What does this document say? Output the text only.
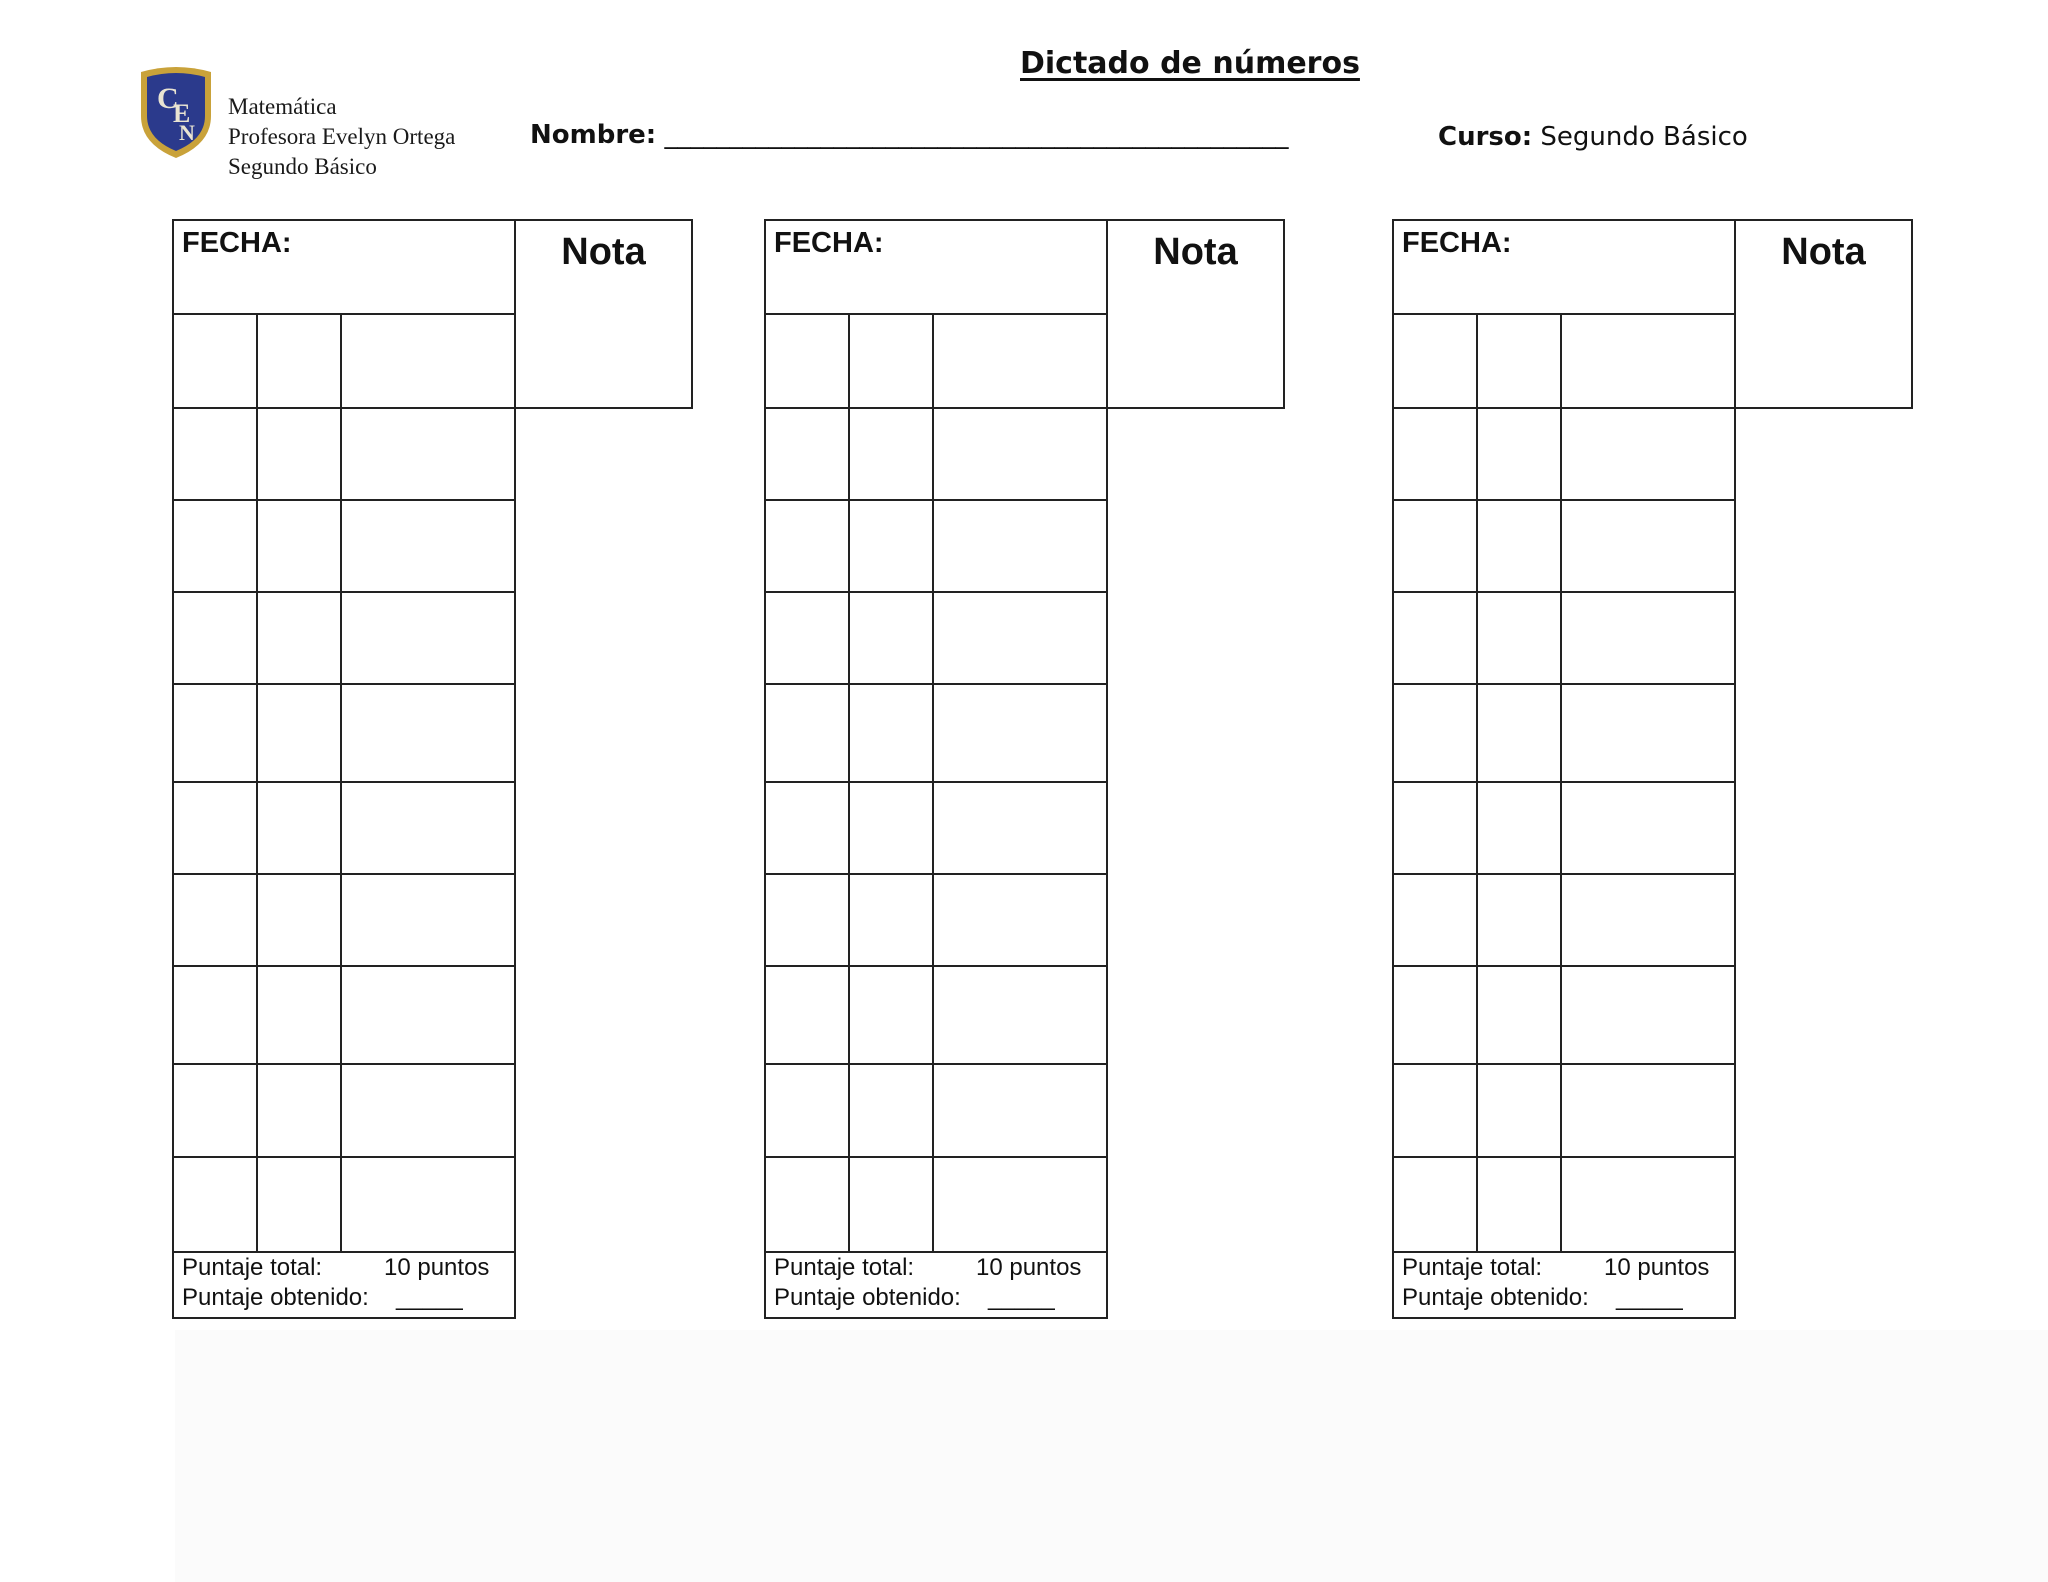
C
E
N
Matemática
Profesora Evelyn Ortega
Segundo Básico
Dictado de números
Nombre: ________________________________________________	Curso: Segundo Básico
FECHA:	Nota
Puntaje total:	10 puntos
Puntaje obtenido: _____
FECHA:	Nota
Puntaje total:	10 puntos
Puntaje obtenido: _____
FECHA:	Nota
Puntaje total:	10 puntos
Puntaje obtenido: _____
